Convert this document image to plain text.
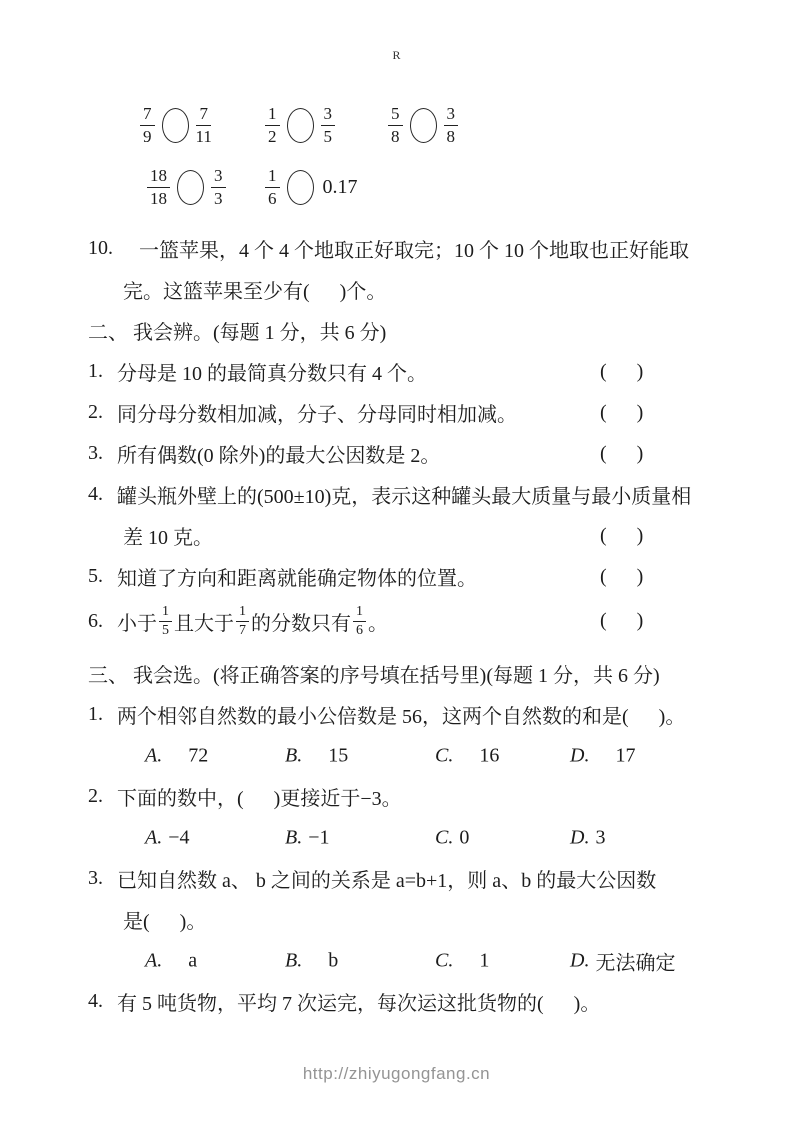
R
$\frac{7}{9} \frac{7}{11}$	$\frac{1}{2} \frac{3}{5}$	$\frac{5}{8} \frac{3}{8}$
$\frac{18}{18} \frac{3}{3} \frac{1}{6} 0.17$
10. 一篮苹果，4 个 4 个地取正好取完；10 个 10 个地取也正好能取
完。这篮苹果至少有(      )个。
二、 我会辨。(每题 1 分，共 6 分)
1. 分母是 10 的最简真分数只有 4 个。	(      )
2. 同分母分数相加减，分子、分母同时相加减。	(      )
3. 所有偶数(0 除外)的最大公因数是 2。	(      )
4. 罐头瓶外壁上的(500±10)克，表示这种罐头最大质量与最小质量相
差 10 克。	(      )
5. 知道了方向和距离就能确定物体的位置。	(      )
6. 小于 $\frac{1}{5}$ 且大于 $\frac{1}{7}$ 的分数只有 $\frac{1}{6}$ 。	(      )
三、 我会选。(将正确答案的序号填在括号里)(每题 1 分，共 6 分)
1. 两个相邻自然数的最小公倍数是 56，这两个自然数的和是(      )。
A. 72	B. 15	C. 16	D. 17
2. 下面的数中，(      )更接近于−3。
A. −4	B. −1	C. 0	D. 3
3. 已知自然数 a、 b 之间的关系是 a=b+1，则 a、b 的最大公因数
是(      )。
A. a	B. b	C. 1	D. 无法确定
4. 有 5 吨货物，平均 7 次运完，每次运这批货物的(      )。
http://zhiyugongfang.cn
